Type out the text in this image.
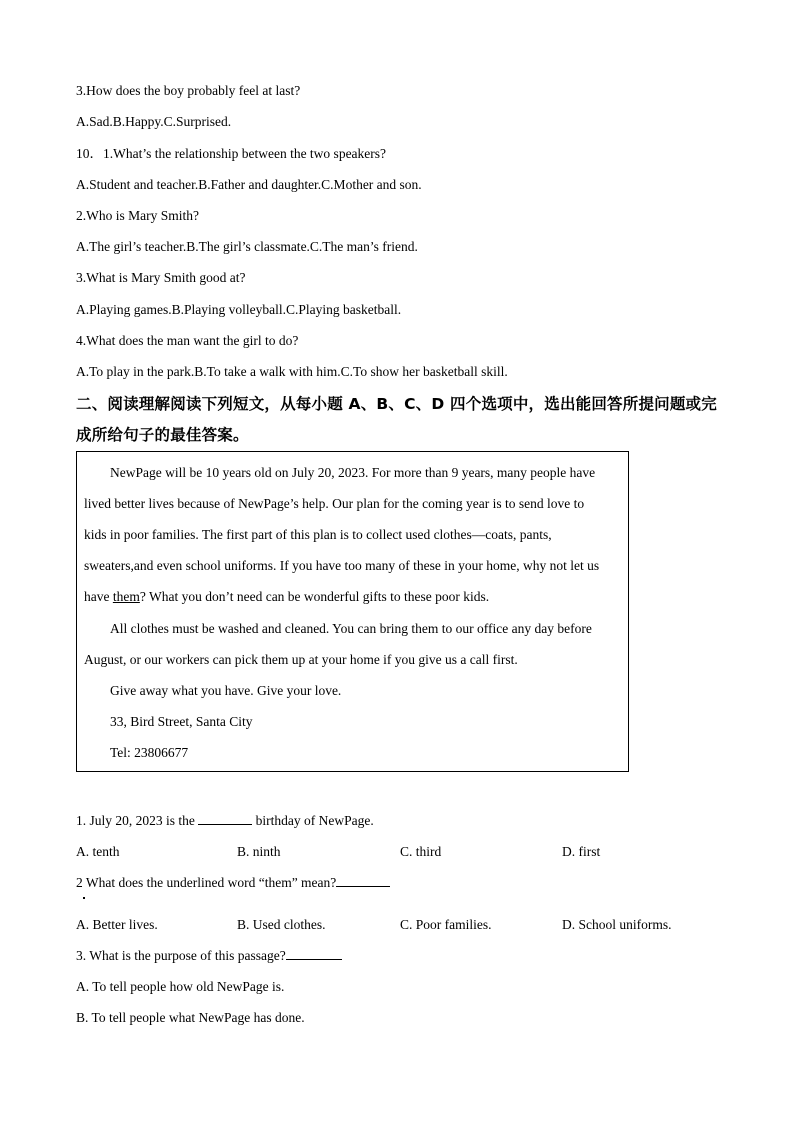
3.How does the boy probably feel at last?
A.Sad.B.Happy.C.Surprised.
10．1.What’s the relationship between the two speakers?
A.Student and teacher.B.Father and daughter.C.Mother and son.
2.Who is Mary Smith?
A.The girl’s teacher.B.The girl’s classmate.C.The man’s friend.
3.What is Mary Smith good at?
A.Playing games.B.Playing volleyball.C.Playing basketball.
4.What does the man want the girl to do?
A.To play in the park.B.To take a walk with him.C.To show her basketball skill.
二、阅读理解阅读下列短文，从每小题 A、B、C、D 四个选项中，选出能回答所提问题或完
成所给句子的最佳答案。
NewPage will be 10 years old on July 20, 2023. For more than 9 years, many people have
lived better lives because of NewPage’s help. Our plan for the coming year is to send love to
kids in poor families. The first part of this plan is to collect used clothes—coats, pants,
sweaters,and even school uniforms. If you have too many of these in your home, why not let us
have them? What you don’t need can be wonderful gifts to these poor kids.
All clothes must be washed and cleaned. You can bring them to our office any day before
August, or our workers can pick them up at your home if you give us a call first.
Give away what you have. Give your love.
33, Bird Street, Santa City
Tel: 23806677
1. July 20, 2023 is the	birthday of NewPage.
A. tenth	B. ninth	C. third	D. first
2 What does the underlined word “them” mean?
A. Better lives.	B. Used clothes.	C. Poor families.	D. School uniforms.
3. What is the purpose of this passage?
A. To tell people how old NewPage is.
B. To tell people what NewPage has done.
